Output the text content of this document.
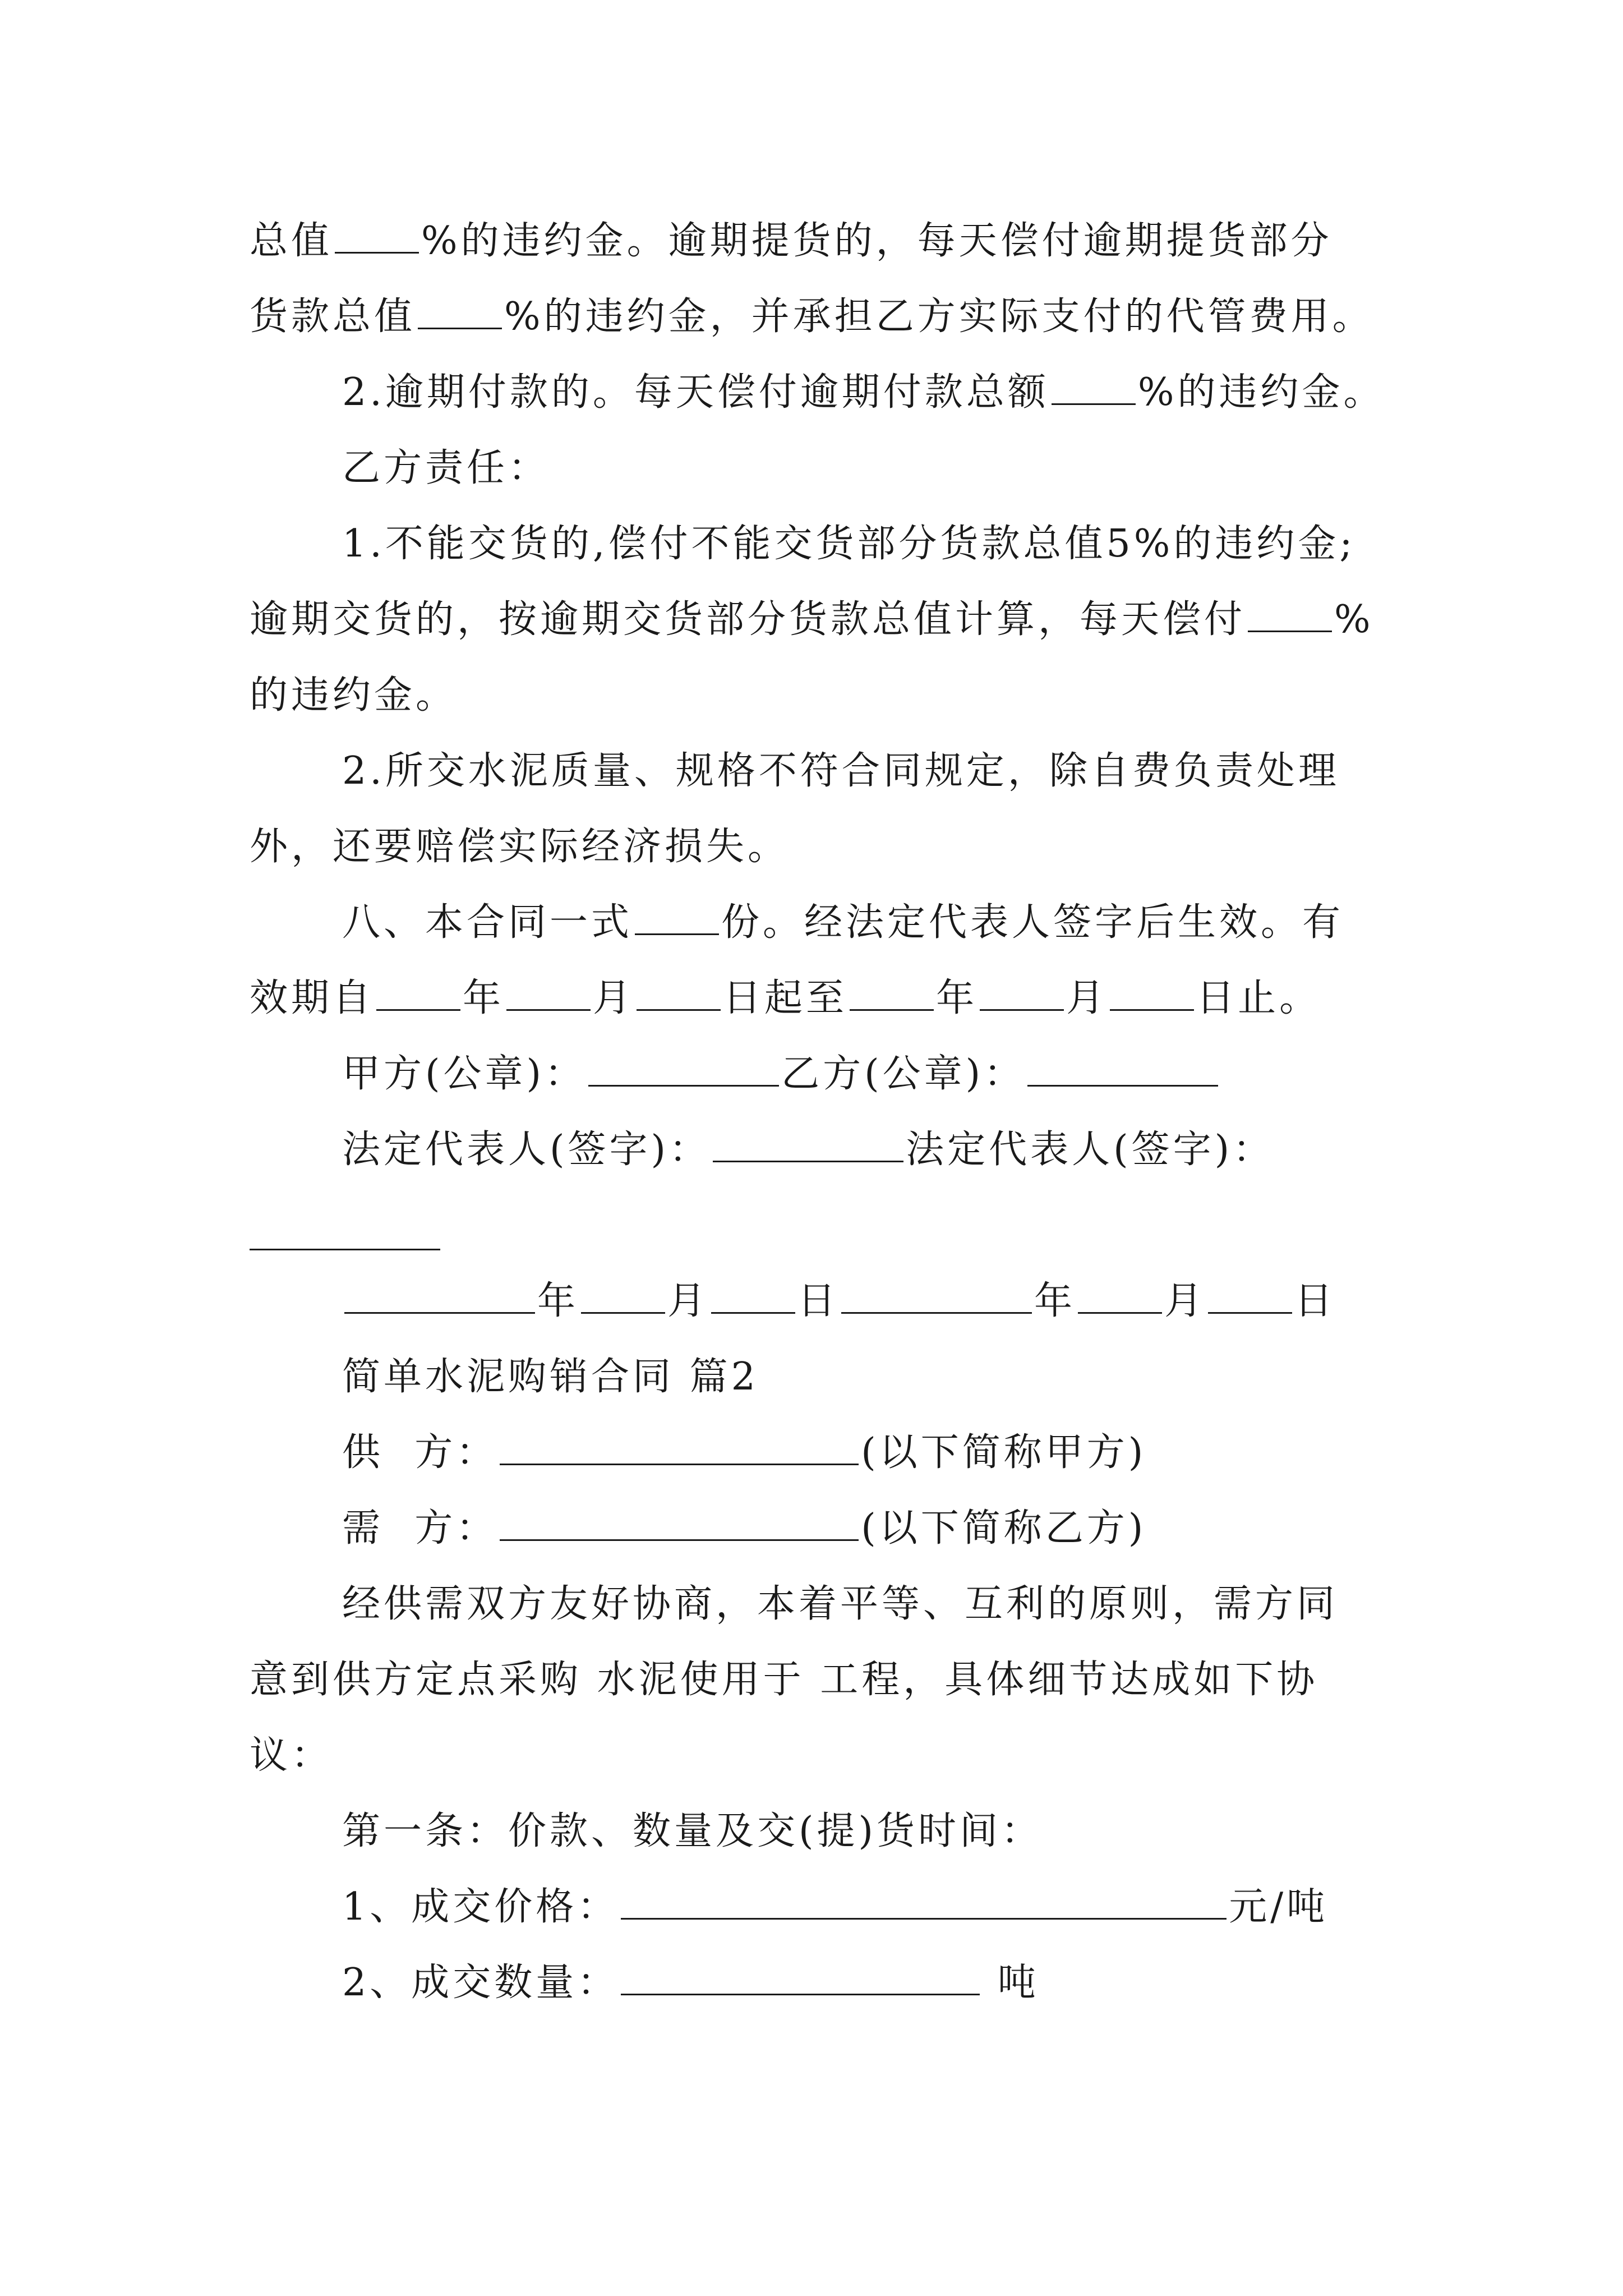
总值 %的违约金。逾期提货的，每天偿付逾期提货部分
货款总值 %的违约金，并承担乙方实际支付的代管费用。
2.逾期付款的。每天偿付逾期付款总额 %的违约金。
乙方责任：
1.不能交货的,偿付不能交货部分货款总值5%的违约金;
逾期交货的，按逾期交货部分货款总值计算，每天偿付 %
的违约金。
2.所交水泥质量、规格不符合同规定，除自费负责处理
外，还要赔偿实际经济损失。
八、本合同一式 份。经法定代表人签字后生效。有
效期自 年 月 日起至 年 月 日止。
甲方(公章)：	乙方(公章)：
法定代表人(签字)：	法定代表人(签字)：
年 月 日	年 月 日
简单水泥购销合同 篇2
供  方：	(以下简称甲方)
需  方：	(以下简称乙方)
经供需双方友好协商，本着平等、互利的原则，需方同
意到供方定点采购 水泥使用于 工程，具体细节达成如下协
议：
第一条：价款、数量及交(提)货时间：
1、成交价格：	元/吨
2、成交数量：	吨
